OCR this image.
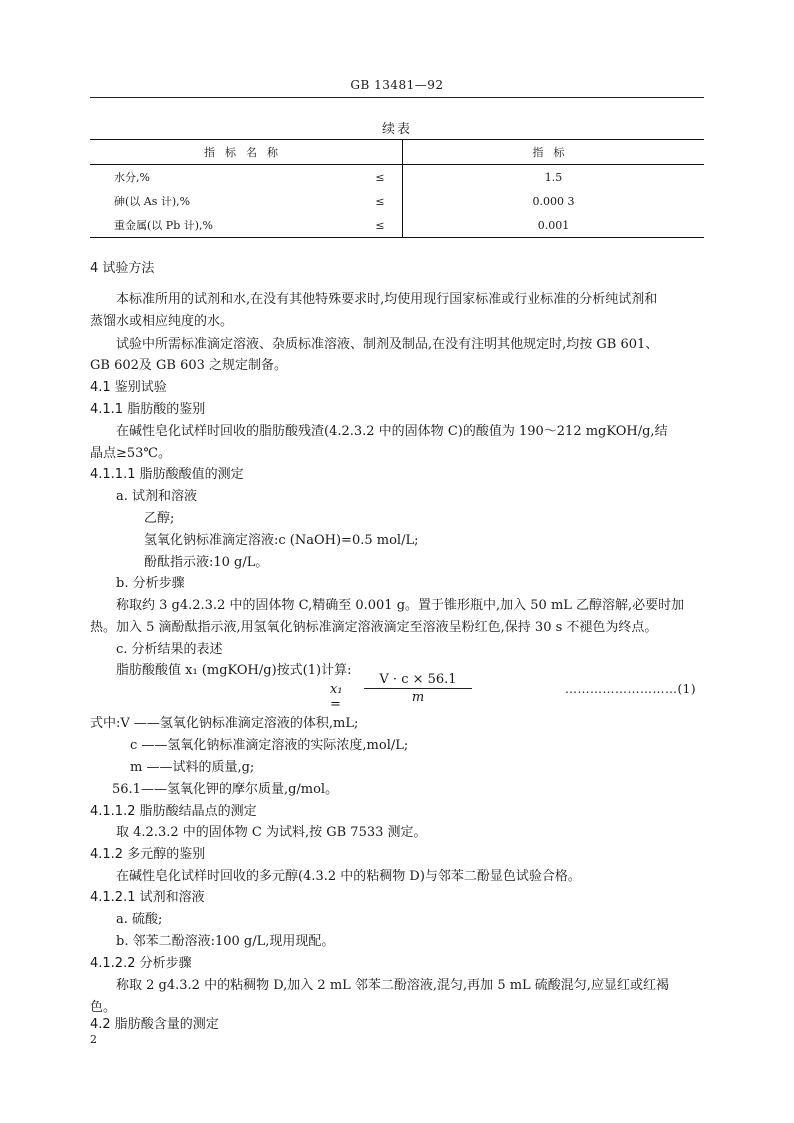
GB 13481—92
续表
指标名称		指标
水分,%	≤	1.5
砷(以 As 计),%	≤	0.000 3
重金属(以 Pb 计),%	≤	0.001
4 试验方法
本标准所用的试剂和水,在没有其他特殊要求时,均使用现行国家标准或行业标准的分析纯试剂和
蒸馏水或相应纯度的水。
试验中所需标准滴定溶液、杂质标准溶液、制剂及制品,在没有注明其他规定时,均按 GB 601、
GB 602及 GB 603 之规定制备。
4.1 鉴别试验
4.1.1 脂肪酸的鉴别
在碱性皂化试样时回收的脂肪酸残渣(4.2.3.2 中的固体物 C)的酸值为 190～212 mgKOH/g,结
晶点≥53℃。
4.1.1.1 脂肪酸酸值的测定
a. 试剂和溶液
乙醇;
氢氧化钠标准滴定溶液:c (NaOH)=0.5 mol/L;
酚酞指示液:10 g/L。
b. 分析步骤
称取约 3 g4.2.3.2 中的固体物 C,精确至 0.001 g。置于锥形瓶中,加入 50 mL 乙醇溶解,必要时加
热。加入 5 滴酚酞指示液,用氢氧化钠标准滴定溶液滴定至溶液呈粉红色,保持 30 s 不褪色为终点。
c. 分析结果的表述
脂肪酸酸值 x₁ (mgKOH/g)按式(1)计算:
$x_1 = \frac{V \cdot c \times 56.1}{m}$	………………………(1)
式中:V ——氢氧化钠标准滴定溶液的体积,mL;
c ——氢氧化钠标准滴定溶液的实际浓度,mol/L;
m ——试料的质量,g;
56.1——氢氧化钾的摩尔质量,g/mol。
4.1.1.2 脂肪酸结晶点的测定
取 4.2.3.2 中的固体物 C 为试料,按 GB 7533 测定。
4.1.2 多元醇的鉴别
在碱性皂化试样时回收的多元醇(4.3.2 中的粘稠物 D)与邻苯二酚显色试验合格。
4.1.2.1 试剂和溶液
a. 硫酸;
b. 邻苯二酚溶液:100 g/L,现用现配。
4.1.2.2 分析步骤
称取 2 g4.3.2 中的粘稠物 D,加入 2 mL 邻苯二酚溶液,混匀,再加 5 mL 硫酸混匀,应显红或红褐
色。
4.2 脂肪酸含量的测定
2
